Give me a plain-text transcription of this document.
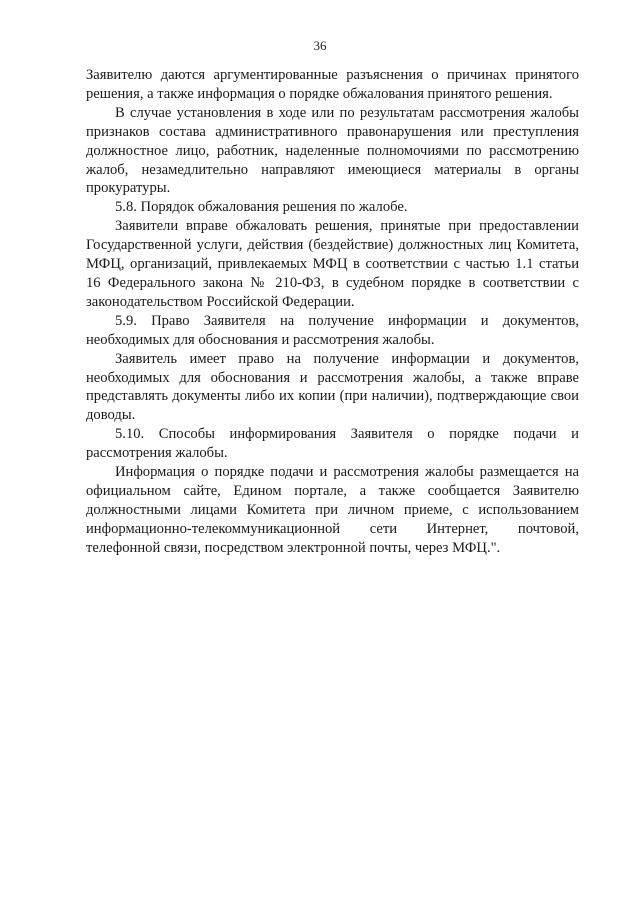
36

Заявителю даются аргументированные разъяснения о причинах принятого решения, а также информация о порядке обжалования принятого решения.

В случае установления в ходе или по результатам рассмотрения жалобы признаков состава административного правонарушения или преступления должностное лицо, работник, наделенные полномочиями по рассмотрению жалоб, незамедлительно направляют имеющиеся материалы в органы прокуратуры.

5.8. Порядок обжалования решения по жалобе.

Заявители вправе обжаловать решения, принятые при предоставлении Государственной услуги, действия (бездействие) должностных лиц Комитета, МФЦ, организаций, привлекаемых МФЦ в соответствии с частью 1.1 статьи 16 Федерального закона № 210-ФЗ, в судебном порядке в соответствии с законодательством Российской Федерации.

5.9. Право Заявителя на получение информации и документов, необходимых для обоснования и рассмотрения жалобы.

Заявитель имеет право на получение информации и документов, необходимых для обоснования и рассмотрения жалобы, а также вправе представлять документы либо их копии (при наличии), подтверждающие свои доводы.

5.10. Способы информирования Заявителя о порядке подачи и рассмотрения жалобы.

Информация о порядке подачи и рассмотрения жалобы размещается на официальном сайте, Едином портале, а также сообщается Заявителю должностными лицами Комитета при личном приеме, с использованием информационно-телекоммуникационной сети Интернет, почтовой, телефонной связи, посредством электронной почты, через МФЦ.".
